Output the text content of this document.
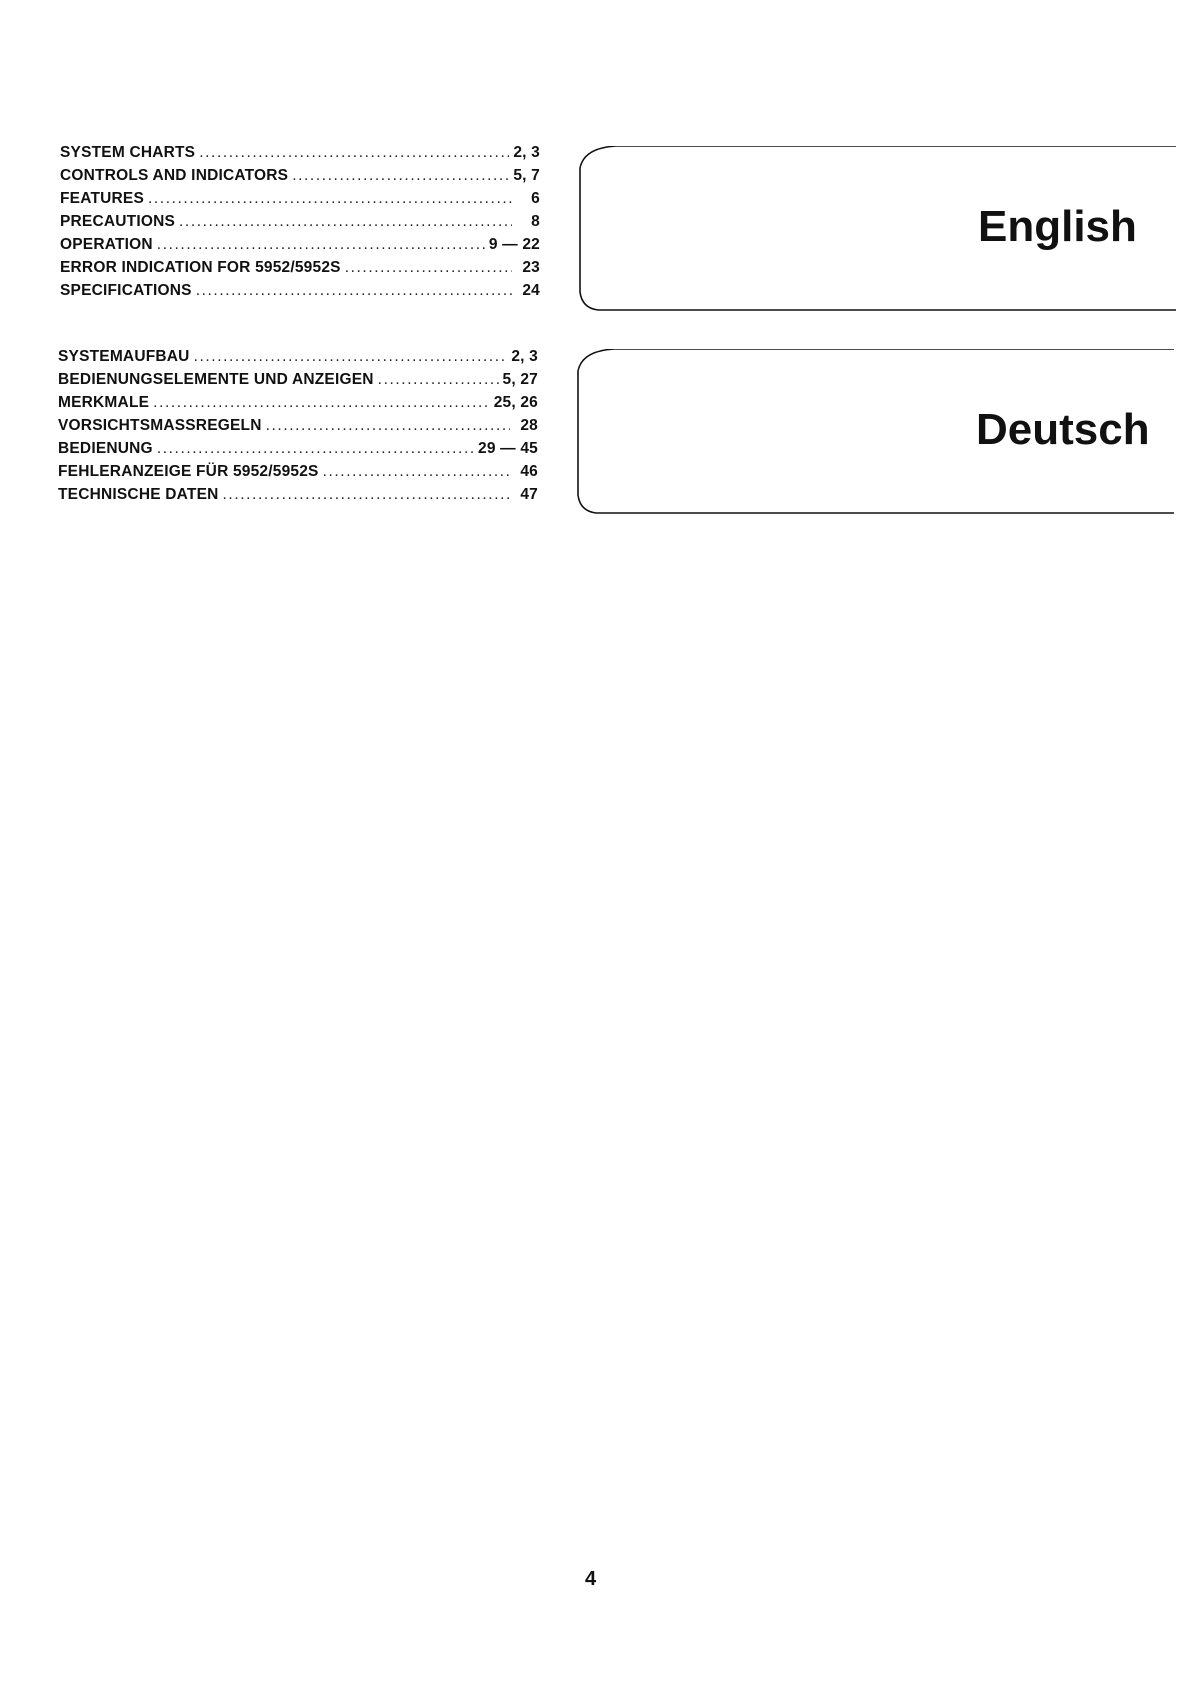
SYSTEM CHARTS .....	2, 3
CONTROLS AND INDICATORS .....	5, 7
FEATURES .....	6
PRECAUTIONS .....	8
OPERATION .....	9 — 22
ERROR INDICATION FOR 5952/5952S .....	23
SPECIFICATIONS .....	24
English
SYSTEMAUFBAU .....	2, 3
BEDIENUNGSELEMENTE UND ANZEIGEN .....	5, 27
MERKMALE .....	25, 26
VORSICHTSMASSREGELN .....	28
BEDIENUNG .....	29 — 45
FEHLERANZEIGE FÜR 5952/5952S .....	46
TECHNISCHE DATEN .....	47
Deutsch
4
